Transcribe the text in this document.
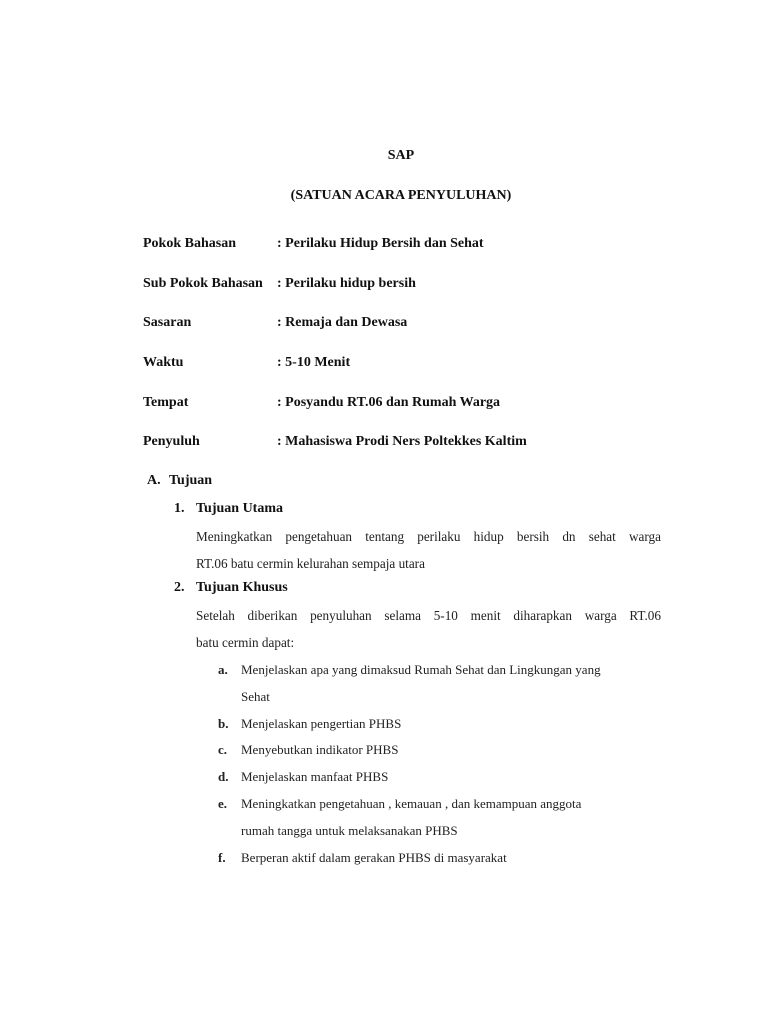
SAP
(SATUAN ACARA PENYULUHAN)
Pokok Bahasan	: Perilaku Hidup Bersih dan Sehat
Sub Pokok Bahasan	: Perilaku hidup bersih
Sasaran	: Remaja dan Dewasa
Waktu	: 5-10 Menit
Tempat	: Posyandu RT.06 dan Rumah Warga
Penyuluh	: Mahasiswa Prodi Ners Poltekkes Kaltim
A. Tujuan
1. Tujuan Utama
Meningkatkan pengetahuan tentang perilaku hidup bersih dn sehat warga
RT.06 batu cermin kelurahan sempaja utara
2. Tujuan Khusus
Setelah diberikan penyuluhan selama 5-10 menit diharapkan warga RT.06
batu cermin dapat:
a. Menjelaskan apa yang dimaksud Rumah Sehat dan Lingkungan yang
Sehat
b. Menjelaskan pengertian PHBS
c. Menyebutkan indikator PHBS
d. Menjelaskan manfaat PHBS
e. Meningkatkan pengetahuan , kemauan , dan kemampuan anggota
rumah tangga untuk melaksanakan PHBS
f. Berperan aktif dalam gerakan PHBS di masyarakat
